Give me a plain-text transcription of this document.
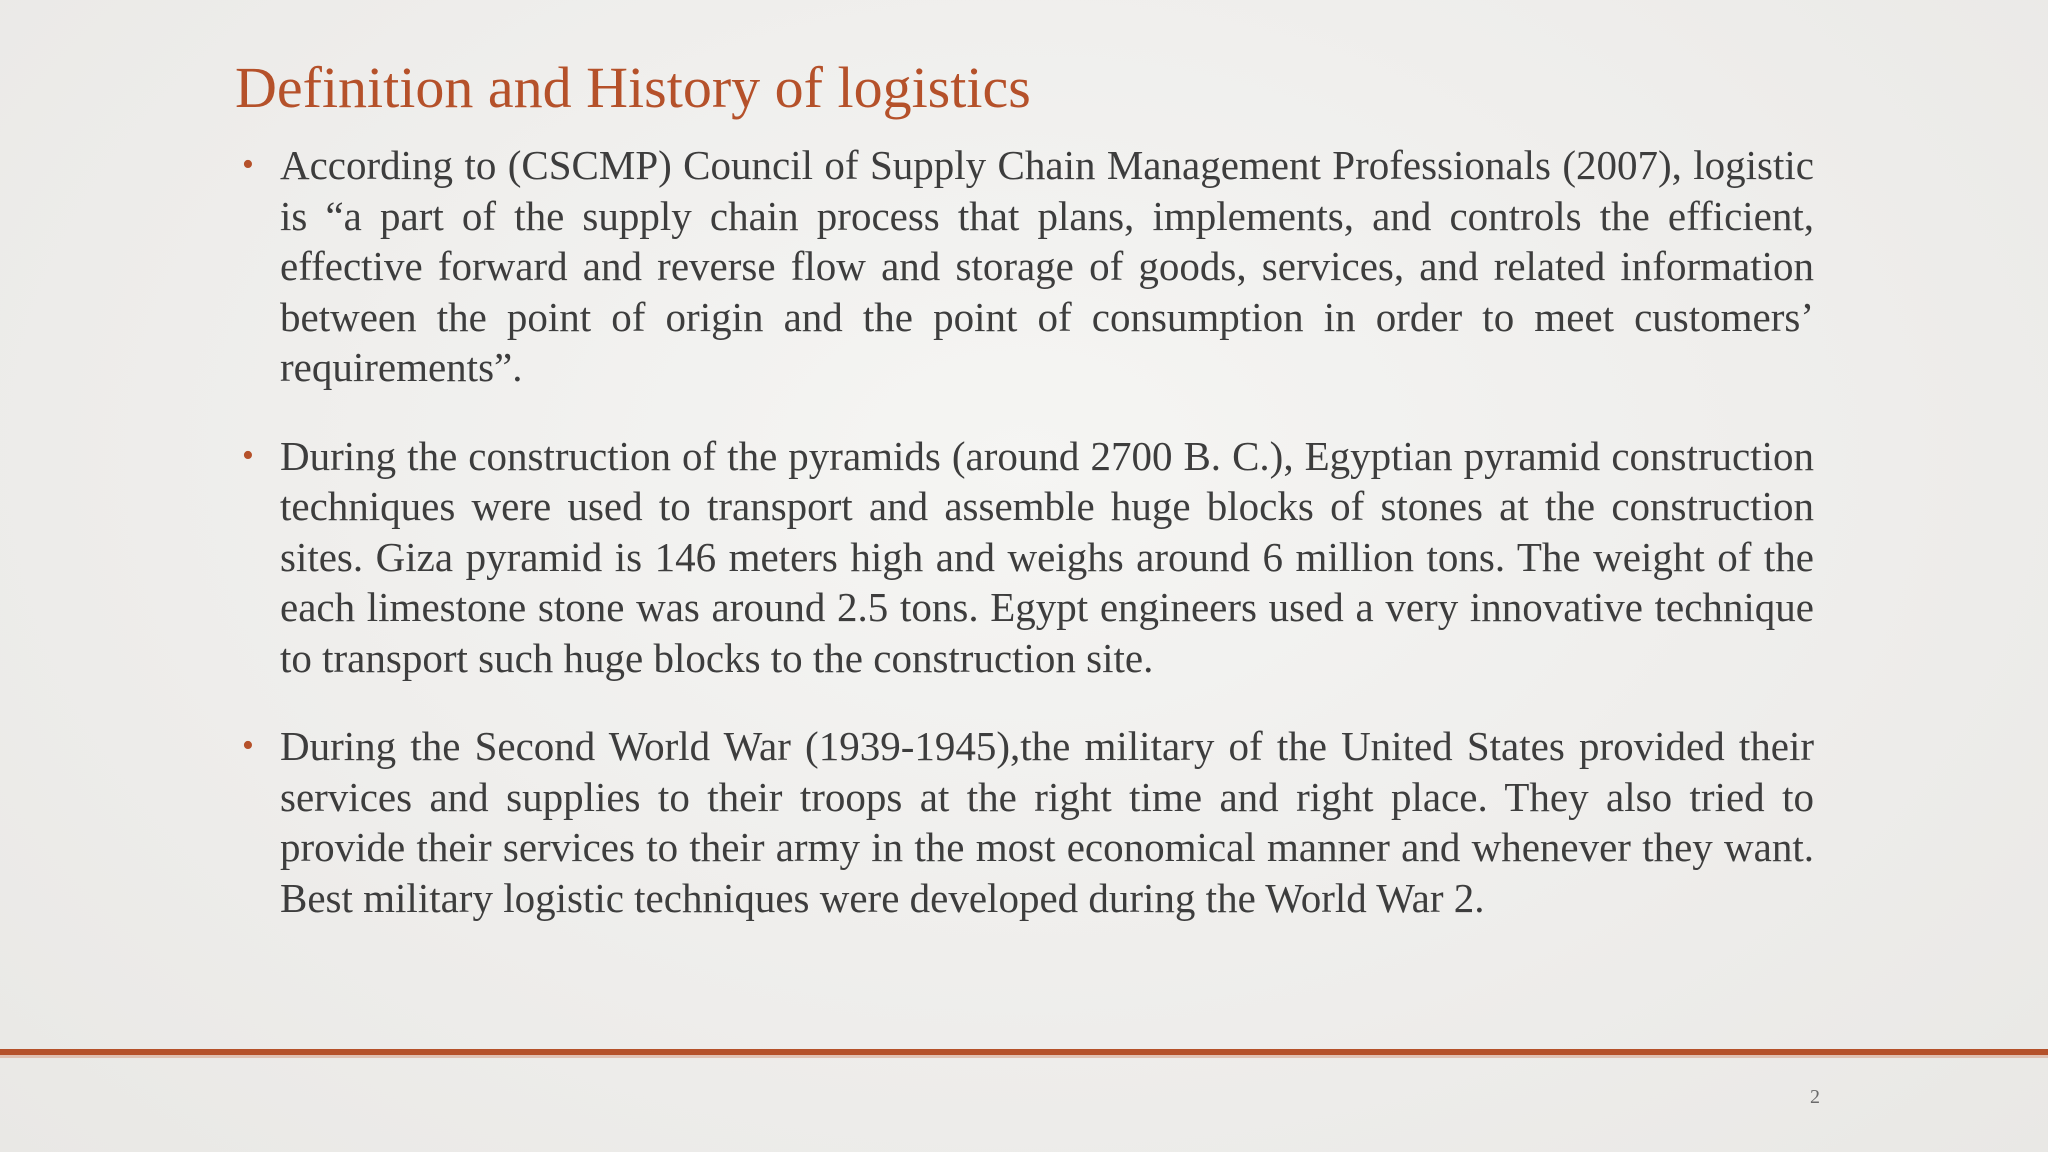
Definition and History of logistics
• According to (CSCMP) Council of Supply Chain Management Professionals (2007), logistic is “a part of the supply chain process that plans, implements, and controls the efficient, effective forward and reverse flow and storage of goods, services, and related information between the point of origin and the point of consumption in order to meet customers’ requirements”.
• During the construction of the pyramids (around 2700 B. C.), Egyptian pyramid construction techniques were used to transport and assemble huge blocks of stones at the construction sites. Giza pyramid is 146 meters high and weighs around 6 million tons. The weight of the each limestone stone was around 2.5 tons. Egypt engineers used a very innovative technique to transport such huge blocks to the construction site.
• During the Second World War (1939-1945),the military of the United States provided their services and supplies to their troops at the right time and right place. They also tried to provide their services to their army in the most economical manner and whenever they want. Best military logistic techniques were developed during the World War 2.
2
